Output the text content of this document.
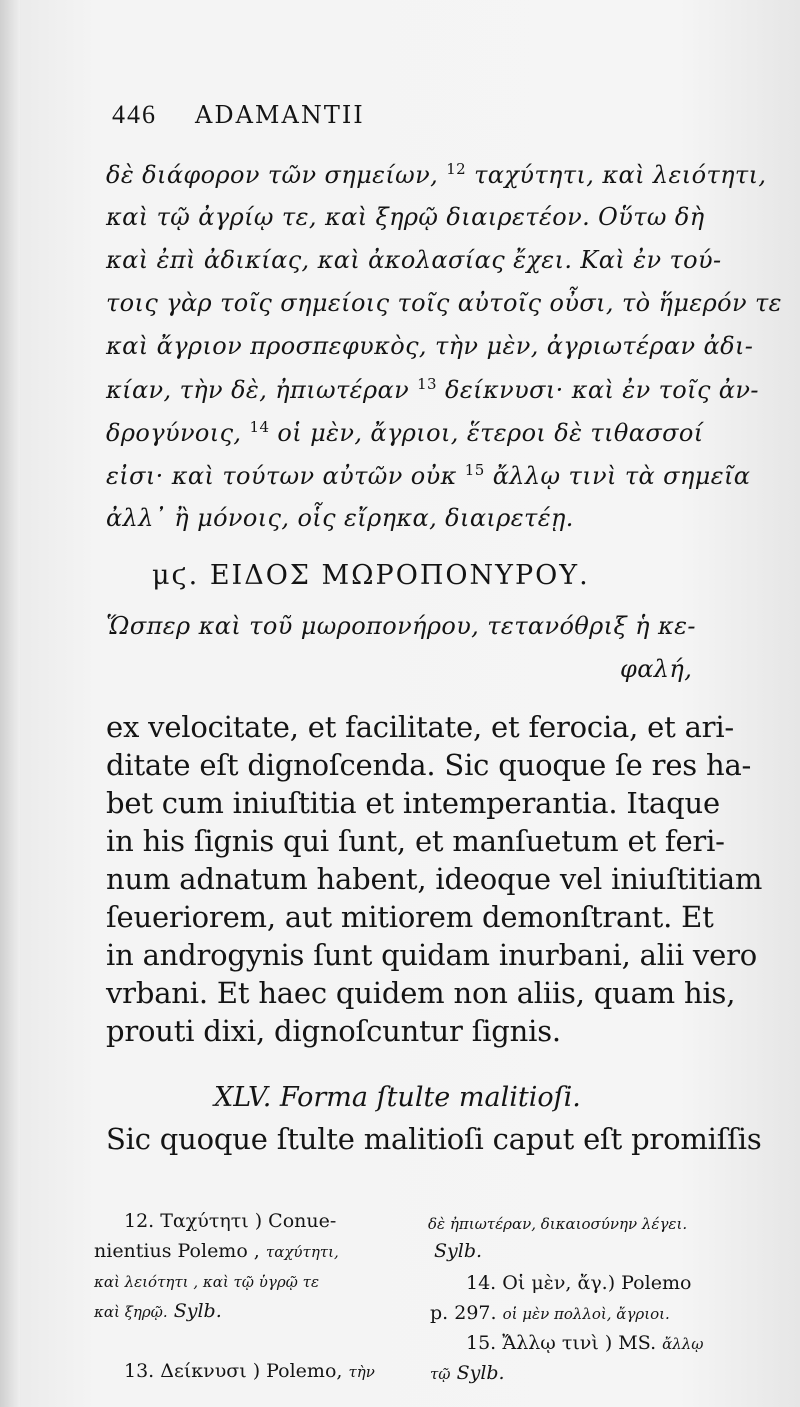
446 ADAMANTII
δὲ διάφορον τῶν σημείων, $^{12}$ ταχύτητι, καὶ λειότητι,
καὶ τῷ ἀγρίῳ τε, καὶ ξηρῷ διαιρετέον. Οὕτω δὴ
καὶ ἐπὶ ἀδικίας, καὶ ἀκολασίας ἔχει. Καὶ ἐν τού-
τοις γὰρ τοῖς σημείοις τοῖς αὐτοῖς οὖσι, τὸ ἥμερόν τε
καὶ ἄγριον προσπεφυκὸς, τὴν μὲν, ἀγριωτέραν ἀδι-
κίαν, τὴν δὲ, ἠπιωτέραν $^{13}$ δείκνυσι· καὶ ἐν τοῖς ἀν-
δρογύνοις, $^{14}$ οἱ μὲν, ἄγριοι, ἕτεροι δὲ τιθασσοί
εἰσι· καὶ τούτων αὐτῶν οὐκ $^{15}$ ἄλλῳ τινὶ τὰ σημεῖα
ἀλλ᾽ ἢ μόνοις, οἷς εἴρηκα, διαιρετέῃ.
μϛ. ΕΙΔΟΣ ΜΩΡΟΠΟΝΥΡΟΥ.
Ὥσπερ καὶ τοῦ μωροπονήρου, τετανόθριξ ἡ κε-
φαλή,
ex velocitate, et facilitate, et ferocia, et ari-
ditate eſt dignoſcenda. Sic quoque ſe res ha-
bet cum iniuſtitia et intemperantia. Itaque
in his ſignis qui ſunt, et manſuetum et feri-
num adnatum habent, ideoque vel iniuſtitiam
ſeueriorem, aut mitiorem demonſtrant. Et
in androgynis ſunt quidam inurbani, alii vero
vrbani. Et haec quidem non aliis, quam his,
prouti dixi, dignoſcuntur ſignis.
XLV. Forma ſtulte malitioſi.
Sic quoque ſtulte malitioſi caput eſt promiſſis
12. Ταχύτητι ) Conue-
nientius Polemo , ταχύτητι,
καὶ λειότητι , καὶ τῷ ὑγρῷ τε
καὶ ξηρῷ. Sylb.
13. Δείκνυσι ) Polemo, τὴν
δὲ ἠπιωτέραν, δικαιοσύνην λέγει.
Sylb.
14. Οἱ μὲν, ἄγ.) Polemo
p. 297. οἱ μὲν πολλοὶ, ἄγριοι.
15. Ἄλλῳ τινὶ ) MS. ἄλλῳ
τῷ Sylb.
